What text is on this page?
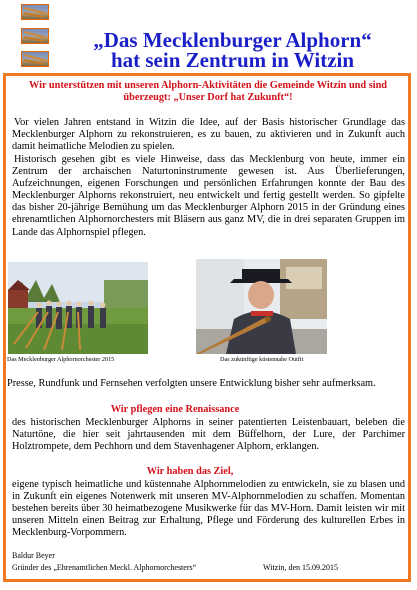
„Das Mecklenburger Alphorn“
hat sein Zentrum in Witzin

Wir unterstützen mit unseren Alphorn-Aktivitäten die Gemeinde Witzin und sind

überzeugt: „Unser Dorf hat Zukunft“!

Vor vielen Jahren entstand in Witzin die Idee, auf der Basis historischer Grundlage das Mecklenburger Alphorn zu rekonstruieren, es zu bauen, zu aktivieren und in Zukunft auch damit heimatliche Melodien zu spielen.

Historisch gesehen gibt es viele Hinweise, dass das Mecklenburg von heute, immer ein Zentrum der archaischen Naturtoninstrumente gewesen ist. Aus Überlieferungen, Aufzeichnungen, eigenen Forschungen und persönlichen Erfahrungen konnte der Bau des Mecklenburger Alphorns rekonstruiert, neu entwickelt und fertig gestellt werden. So gipfelte das bisher 20-jährige Bemühung um das Mecklenburger Alphorn 2015 in der Gründung eines ehrenamtlichen Alphornorchesters mit Bläsern aus ganz MV, die in drei separaten Gruppen im Lande das Alphornspiel pflegen.

Das Mecklenburger Alphornorchester 2015	Das zukünftige küstennahe Outfit

Presse, Rundfunk und Fernsehen verfolgten unsere Entwicklung bisher sehr aufmerksam.

Wir pflegen eine Renaissance

des historischen Mecklenburger Alphorns in seiner patentierten Leistenbauart, beleben die Naturtöne, die hier seit jahrtausenden mit dem Büffelhorn, der Lure, der Parchimer Holztrompete, dem Pechhorn und dem Stavenhagener Alphorn, erklangen.

Wir haben das Ziel,

eigene typisch heimatliche und küstennahe Alphornmelodien zu entwickeln, sie zu blasen und in Zukunft ein eigenes Notenwerk mit unseren MV-Alphornmelodien zu schaffen. Momentan bestehen bereits über 30 heimatbezogene Musikwerke für das MV-Horn. Damit leisten wir mit unseren Mitteln einen Beitrag zur Erhaltung, Pflege und Förderung des kulturellen Erbes in Mecklenburg-Vorpommern.

Baldur Beyer

Gründer des „Ehrenamtlichen Meckl. Alphornorchesters“	Witzin, den 15.09.2015
